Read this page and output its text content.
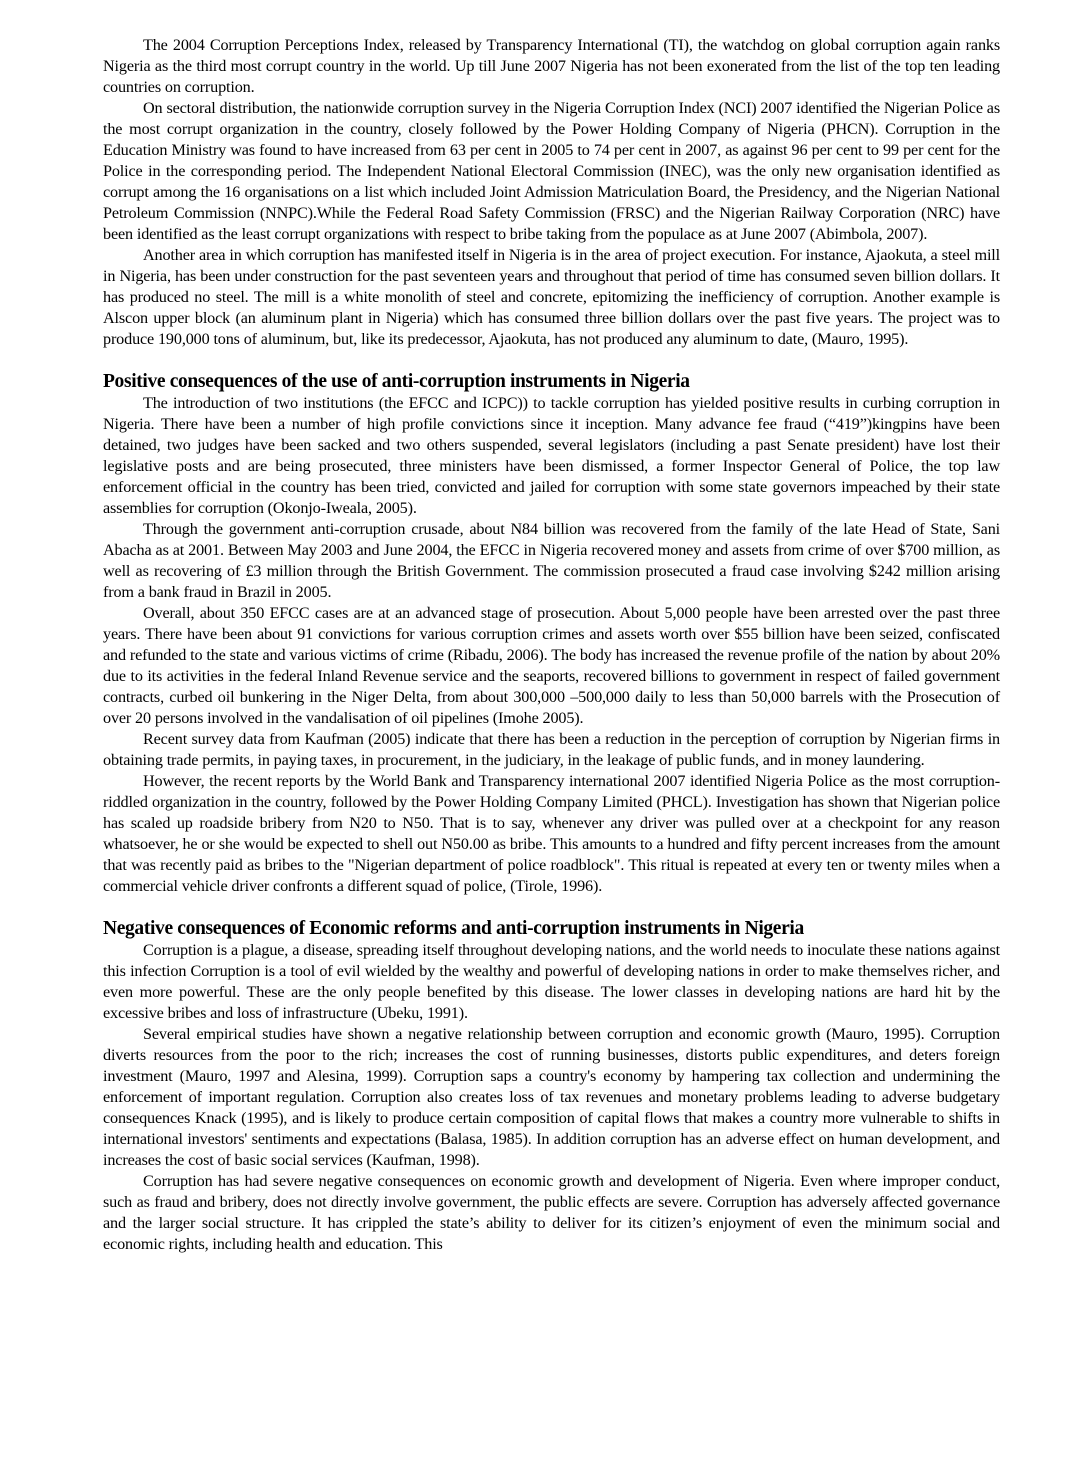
The 2004 Corruption Perceptions Index, released by Transparency International (TI), the watchdog on global corruption again ranks Nigeria as the third most corrupt country in the world. Up till June 2007 Nigeria has not been exonerated from the list of the top ten leading countries on corruption.

On sectoral distribution, the nationwide corruption survey in the Nigeria Corruption Index (NCI) 2007 identified the Nigerian Police as the most corrupt organization in the country, closely followed by the Power Holding Company of Nigeria (PHCN). Corruption in the Education Ministry was found to have increased from 63 per cent in 2005 to 74 per cent in 2007, as against 96 per cent to 99 per cent for the Police in the corresponding period. The Independent National Electoral Commission (INEC), was the only new organisation identified as corrupt among the 16 organisations on a list which included Joint Admission Matriculation Board, the Presidency, and the Nigerian National Petroleum Commission (NNPC).While the Federal Road Safety Commission (FRSC) and the Nigerian Railway Corporation (NRC) have been identified as the least corrupt organizations with respect to bribe taking from the populace as at June 2007 (Abimbola, 2007).

Another area in which corruption has manifested itself in Nigeria is in the area of project execution. For instance, Ajaokuta, a steel mill in Nigeria, has been under construction for the past seventeen years and throughout that period of time has consumed seven billion dollars. It has produced no steel. The mill is a white monolith of steel and concrete, epitomizing the inefficiency of corruption. Another example is Alscon upper block (an aluminum plant in Nigeria) which has consumed three billion dollars over the past five years. The project was to produce 190,000 tons of aluminum, but, like its predecessor, Ajaokuta, has not produced any aluminum to date, (Mauro, 1995).

Positive consequences of the use of anti-corruption instruments in Nigeria

The introduction of two institutions (the EFCC and ICPC)) to tackle corruption has yielded positive results in curbing corruption in Nigeria. There have been a number of high profile convictions since it inception. Many advance fee fraud (“419”)kingpins have been detained, two judges have been sacked and two others suspended, several legislators (including a past Senate president) have lost their legislative posts and are being prosecuted, three ministers have been dismissed, a former Inspector General of Police, the top law enforcement official in the country has been tried, convicted and jailed for corruption with some state governors impeached by their state assemblies for corruption (Okonjo-Iweala, 2005).

Through the government anti-corruption crusade, about N84 billion was recovered from the family of the late Head of State, Sani Abacha as at 2001. Between May 2003 and June 2004, the EFCC in Nigeria recovered money and assets from crime of over $700 million, as well as recovering of £3 million through the British Government. The commission prosecuted a fraud case involving $242 million arising from a bank fraud in Brazil in 2005.

Overall, about 350 EFCC cases are at an advanced stage of prosecution. About 5,000 people have been arrested over the past three years. There have been about 91 convictions for various corruption crimes and assets worth over $55 billion have been seized, confiscated and refunded to the state and various victims of crime (Ribadu, 2006). The body has increased the revenue profile of the nation by about 20% due to its activities in the federal Inland Revenue service and the seaports, recovered billions to government in respect of failed government contracts, curbed oil bunkering in the Niger Delta, from about 300,000 –500,000 daily to less than 50,000 barrels with the Prosecution of over 20 persons involved in the vandalisation of oil pipelines (Imohe 2005).

Recent survey data from Kaufman (2005) indicate that there has been a reduction in the perception of corruption by Nigerian firms in obtaining trade permits, in paying taxes, in procurement, in the judiciary, in the leakage of public funds, and in money laundering.

However, the recent reports by the World Bank and Transparency international 2007 identified Nigeria Police as the most corruption-riddled organization in the country, followed by the Power Holding Company Limited (PHCL). Investigation has shown that Nigerian police has scaled up roadside bribery from N20 to N50. That is to say, whenever any driver was pulled over at a checkpoint for any reason whatsoever, he or she would be expected to shell out N50.00 as bribe. This amounts to a hundred and fifty percent increases from the amount that was recently paid as bribes to the "Nigerian department of police roadblock". This ritual is repeated at every ten or twenty miles when a commercial vehicle driver confronts a different squad of police, (Tirole, 1996).

Negative consequences of Economic reforms and anti-corruption instruments in Nigeria

Corruption is a plague, a disease, spreading itself throughout developing nations, and the world needs to inoculate these nations against this infection Corruption is a tool of evil wielded by the wealthy and powerful of developing nations in order to make themselves richer, and even more powerful. These are the only people benefited by this disease. The lower classes in developing nations are hard hit by the excessive bribes and loss of infrastructure (Ubeku, 1991).

Several empirical studies have shown a negative relationship between corruption and economic growth (Mauro, 1995). Corruption diverts resources from the poor to the rich; increases the cost of running businesses, distorts public expenditures, and deters foreign investment (Mauro, 1997 and Alesina, 1999). Corruption saps a country's economy by hampering tax collection and undermining the enforcement of important regulation. Corruption also creates loss of tax revenues and monetary problems leading to adverse budgetary consequences Knack (1995), and is likely to produce certain composition of capital flows that makes a country more vulnerable to shifts in international investors' sentiments and expectations (Balasa, 1985). In addition corruption has an adverse effect on human development, and increases the cost of basic social services (Kaufman, 1998).

Corruption has had severe negative consequences on economic growth and development of Nigeria. Even where improper conduct, such as fraud and bribery, does not directly involve government, the public effects are severe. Corruption has adversely affected governance and the larger social structure. It has crippled the state’s ability to deliver for its citizen’s enjoyment of even the minimum social and economic rights, including health and education. This
